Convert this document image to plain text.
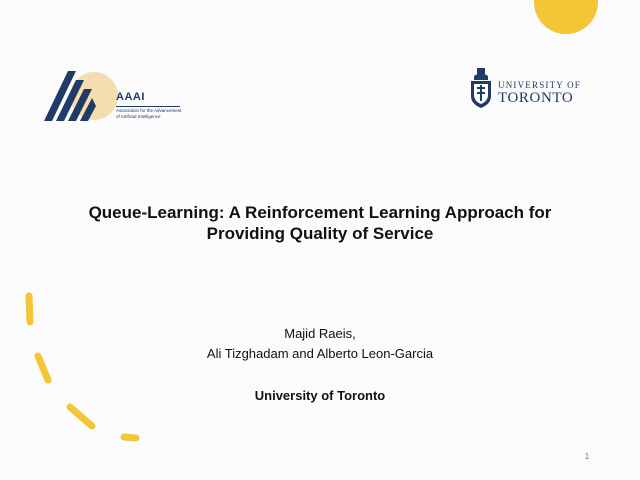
AAAI
Association for the Advancement
of Artificial Intelligence
UNIVERSITY OF
TORONTO
Queue-Learning: A Reinforcement Learning Approach for
Providing Quality of Service
Majid Raeis,
Ali Tizghadam and Alberto Leon-Garcia
University of Toronto
1
